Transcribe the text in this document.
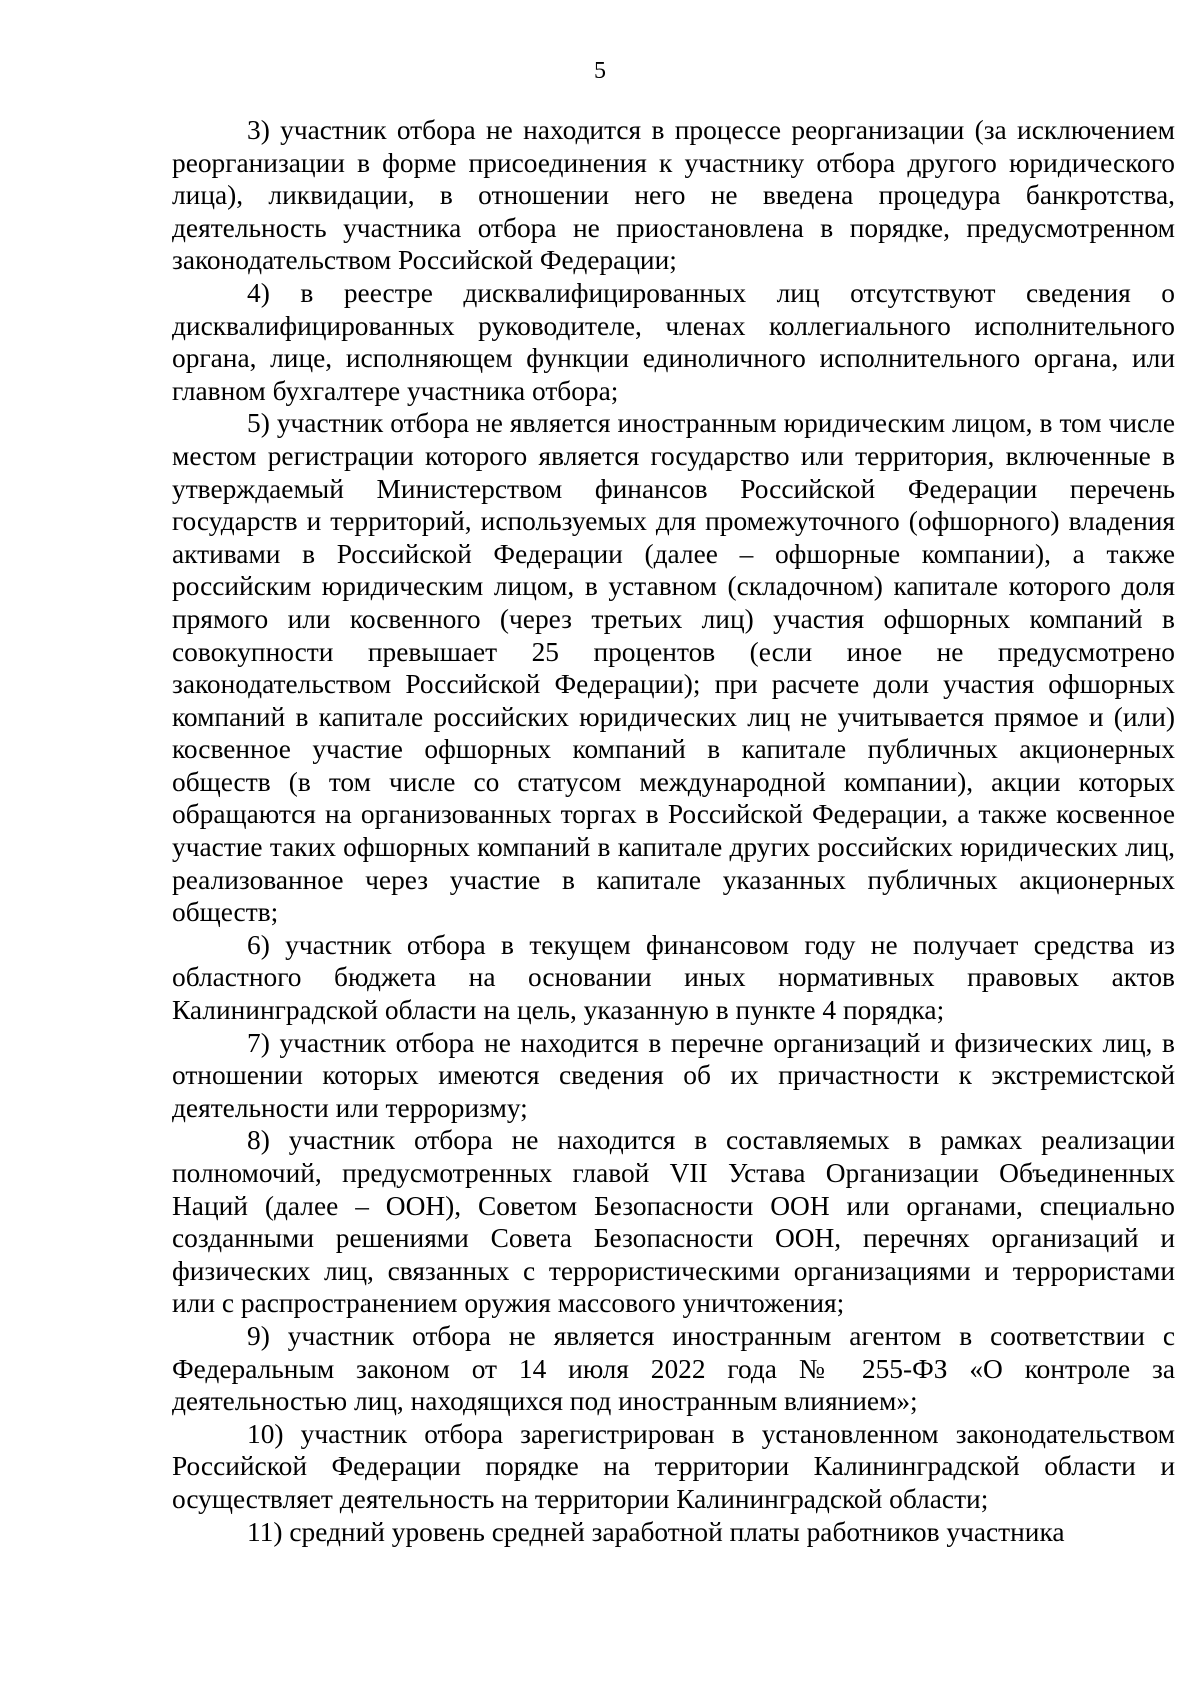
5

3) участник отбора не находится в процессе реорганизации (за исключением реорганизации в форме присоединения к участнику отбора другого юридического лица), ликвидации, в отношении него не введена процедура банкротства, деятельность участника отбора не приостановлена в порядке, предусмотренном законодательством Российской Федерации;

4) в реестре дисквалифицированных лиц отсутствуют сведения о дисквалифицированных руководителе, членах коллегиального исполнительного органа, лице, исполняющем функции единоличного исполнительного органа, или главном бухгалтере участника отбора;

5) участник отбора не является иностранным юридическим лицом, в том числе местом регистрации которого является государство или территория, включенные в утверждаемый Министерством финансов Российской Федерации перечень государств и территорий, используемых для промежуточного (офшорного) владения активами в Российской Федерации (далее – офшорные компании), а также российским юридическим лицом, в уставном (складочном) капитале которого доля прямого или косвенного (через третьих лиц) участия офшорных компаний в совокупности превышает 25 процентов (если иное не предусмотрено законодательством Российской Федерации); при расчете доли участия офшорных компаний в капитале российских юридических лиц не учитывается прямое и (или) косвенное участие офшорных компаний в капитале публичных акционерных обществ (в том числе со статусом международной компании), акции которых обращаются на организованных торгах в Российской Федерации, а также косвенное участие таких офшорных компаний в капитале других российских юридических лиц, реализованное через участие в капитале указанных публичных акционерных обществ;

6) участник отбора в текущем финансовом году не получает средства из областного бюджета на основании иных нормативных правовых актов Калининградской области на цель, указанную в пункте 4 порядка;

7) участник отбора не находится в перечне организаций и физических лиц, в отношении которых имеются сведения об их причастности к экстремистской деятельности или терроризму;

8) участник отбора не находится в составляемых в рамках реализации полномочий, предусмотренных главой VII Устава Организации Объединенных Наций (далее – ООН), Советом Безопасности ООН или органами, специально созданными решениями Совета Безопасности ООН, перечнях организаций и физических лиц, связанных с террористическими организациями и террористами или с распространением оружия массового уничтожения;

9) участник отбора не является иностранным агентом в соответствии с Федеральным законом от 14 июля 2022 года № 255-ФЗ «О контроле за деятельностью лиц, находящихся под иностранным влиянием»;

10) участник отбора зарегистрирован в установленном законодательством Российской Федерации порядке на территории Калининградской области и осуществляет деятельность на территории Калининградской области;

11) средний уровень средней заработной платы работников участника
